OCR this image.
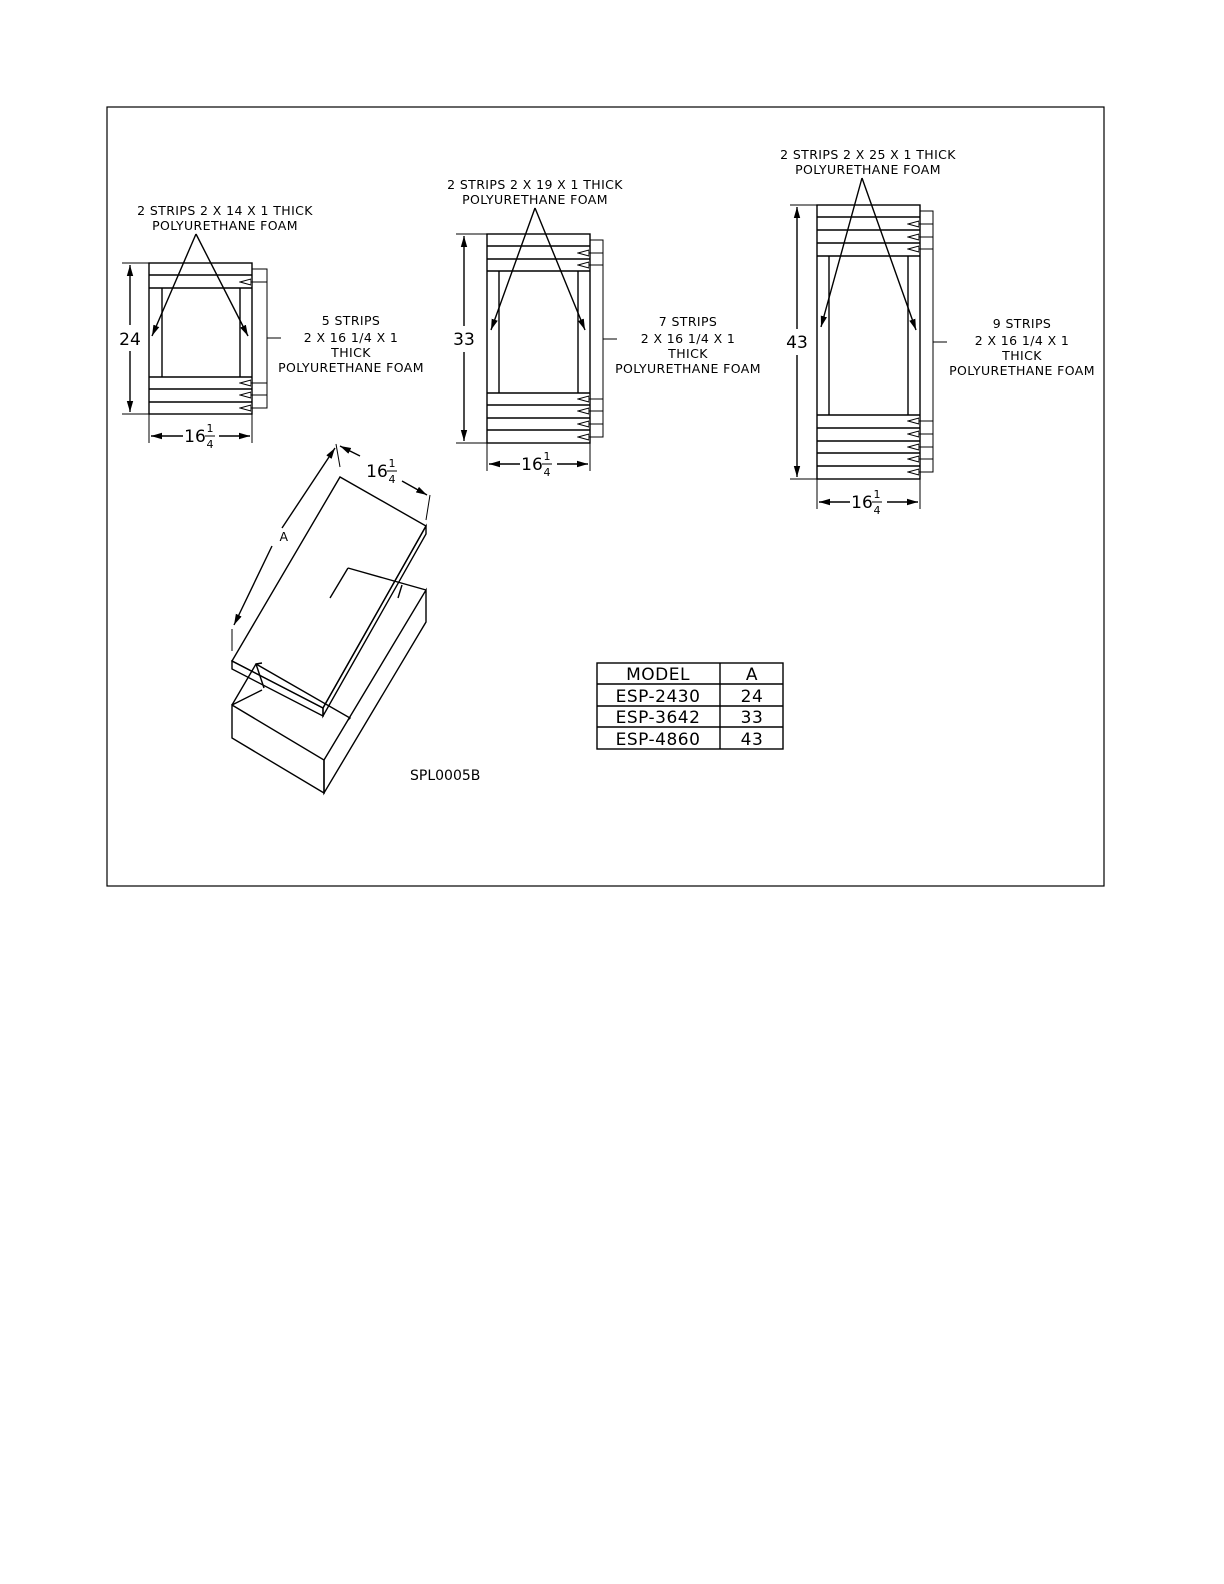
2 STRIPS 2 X 14 X 1 THICK
POLYURETHANE FOAM
5 STRIPS
2 X 16 1/4 X 1
THICK
POLYURETHANE FOAM
24
16 1
4
2 STRIPS 2 X 19 X 1 THICK
POLYURETHANE FOAM
7 STRIPS
2 X 16 1/4 X 1
THICK
POLYURETHANE FOAM
33
16 1
4
2 STRIPS 2 X 25 X 1 THICK
POLYURETHANE FOAM
9 STRIPS
2 X 16 1/4 X 1
THICK
POLYURETHANE FOAM
43
16 1
4
A
16 1
4
SPL0005B
MODEL	A
ESP-2430 24
ESP-3642 33
ESP-4860 43
